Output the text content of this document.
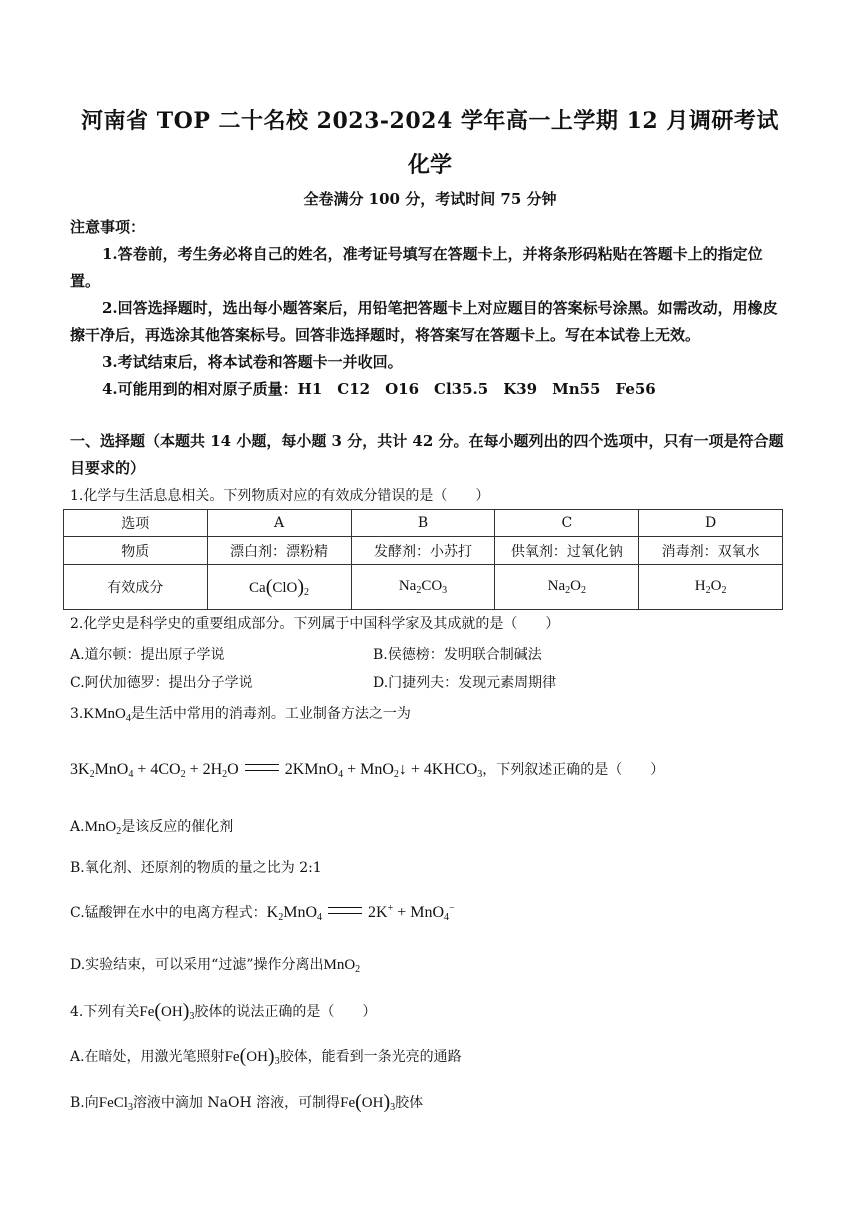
河南省 TOP 二十名校 2023-2024 学年高一上学期 12 月调研考试
化学
全卷满分 100 分，考试时间 75 分钟

注意事项：

1.答卷前，考生务必将自己的姓名，准考证号填写在答题卡上，并将条形码粘贴在答题卡上的指定位置。

2.回答选择题时，选出每小题答案后，用铅笔把答题卡上对应题目的答案标号涂黑。如需改动，用橡皮擦干净后，再选涂其他答案标号。回答非选择题时，将答案写在答题卡上。写在本试卷上无效。

3.考试结束后，将本试卷和答题卡一并收回。

4.可能用到的相对原子质量：H1　C12　O16　Cl35.5　K39　Mn55　Fe56

一、选择题（本题共 14 小题，每小题 3 分，共计 42 分。在每小题列出的四个选项中，只有一项是符合题目要求的）
1.化学与生活息息相关。下列物质对应的有效成分错误的是（　　）
选项	A	B	C	D
物质	漂白剂：漂粉精	发酵剂：小苏打	供氧剂：过氧化钠	消毒剂：双氧水
有效成分	$Ca(ClO)_2$	$Na_2CO_3$	$Na_2O_2$	$H_2O_2$
2.化学史是科学史的重要组成部分。下列属于中国科学家及其成就的是（　　）
A.道尔顿：提出原子学说	B.侯德榜：发明联合制碱法
C.阿伏加德罗：提出分子学说	D.门捷列夫：发现元素周期律
3.KMnO$_4$是生活中常用的消毒剂。工业制备方法之一为
$3K_2MnO_4 + 4CO_2 + 2H_2O$  2KMnO$_4$ + MnO$_2$↓ + $4KHCO_3$，下列叙述正确的是（　　）
A.MnO$_2$是该反应的催化剂
B.氧化剂、还原剂的物质的量之比为 2:1
C.锰酸钾在水中的电离方程式：$K_2MnO_4$	2K+ + MnO$_4$−
D.实验结束，可以采用“过滤”操作分离出MnO$_2$
4.下列有关$Fe(OH)_3$胶体的说法正确的是（　　）
A.在暗处，用激光笔照射$Fe(OH)_3$胶体，能看到一条光亮的通路
B.向FeCl$_3$溶液中滴加 NaOH 溶液，可制得$Fe(OH)_3$胶体
